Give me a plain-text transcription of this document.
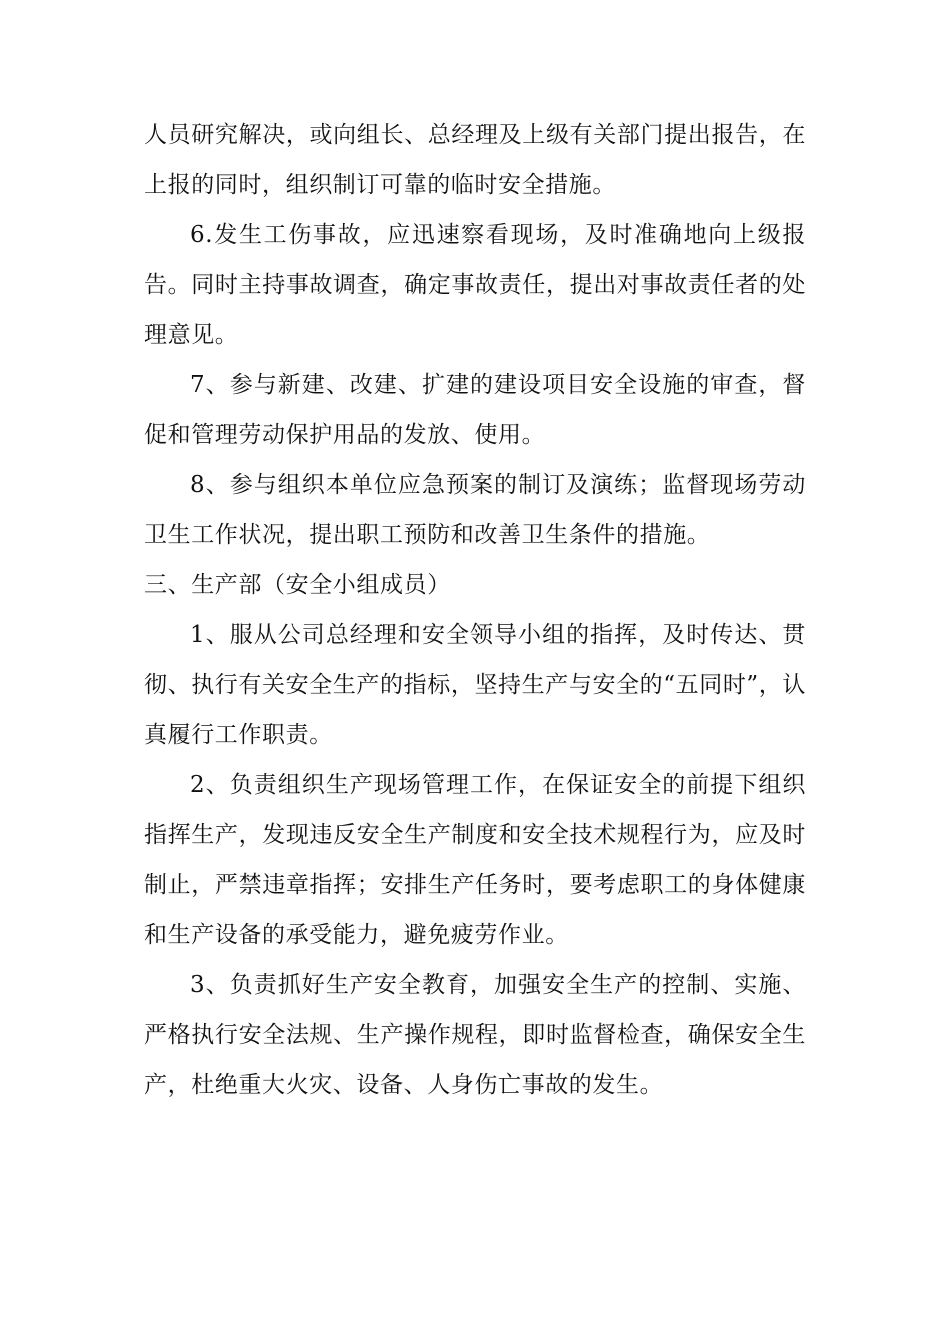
人员研究解决，或向组长、总经理及上级有关部门提出报告，在上报的同时，组织制订可靠的临时安全措施。

6.发生工伤事故，应迅速察看现场，及时准确地向上级报告。同时主持事故调查，确定事故责任，提出对事故责任者的处理意见。

7、参与新建、改建、扩建的建设项目安全设施的审查，督促和管理劳动保护用品的发放、使用。

8、参与组织本单位应急预案的制订及演练；监督现场劳动卫生工作状况，提出职工预防和改善卫生条件的措施。

三、生产部（安全小组成员）

1、服从公司总经理和安全领导小组的指挥，及时传达、贯彻、执行有关安全生产的指标，坚持生产与安全的“五同时”，认真履行工作职责。

2、负责组织生产现场管理工作，在保证安全的前提下组织指挥生产，发现违反安全生产制度和安全技术规程行为，应及时制止，严禁违章指挥；安排生产任务时，要考虑职工的身体健康和生产设备的承受能力，避免疲劳作业。

3、负责抓好生产安全教育，加强安全生产的控制、实施、严格执行安全法规、生产操作规程，即时监督检查，确保安全生产，杜绝重大火灾、设备、人身伤亡事故的发生。
